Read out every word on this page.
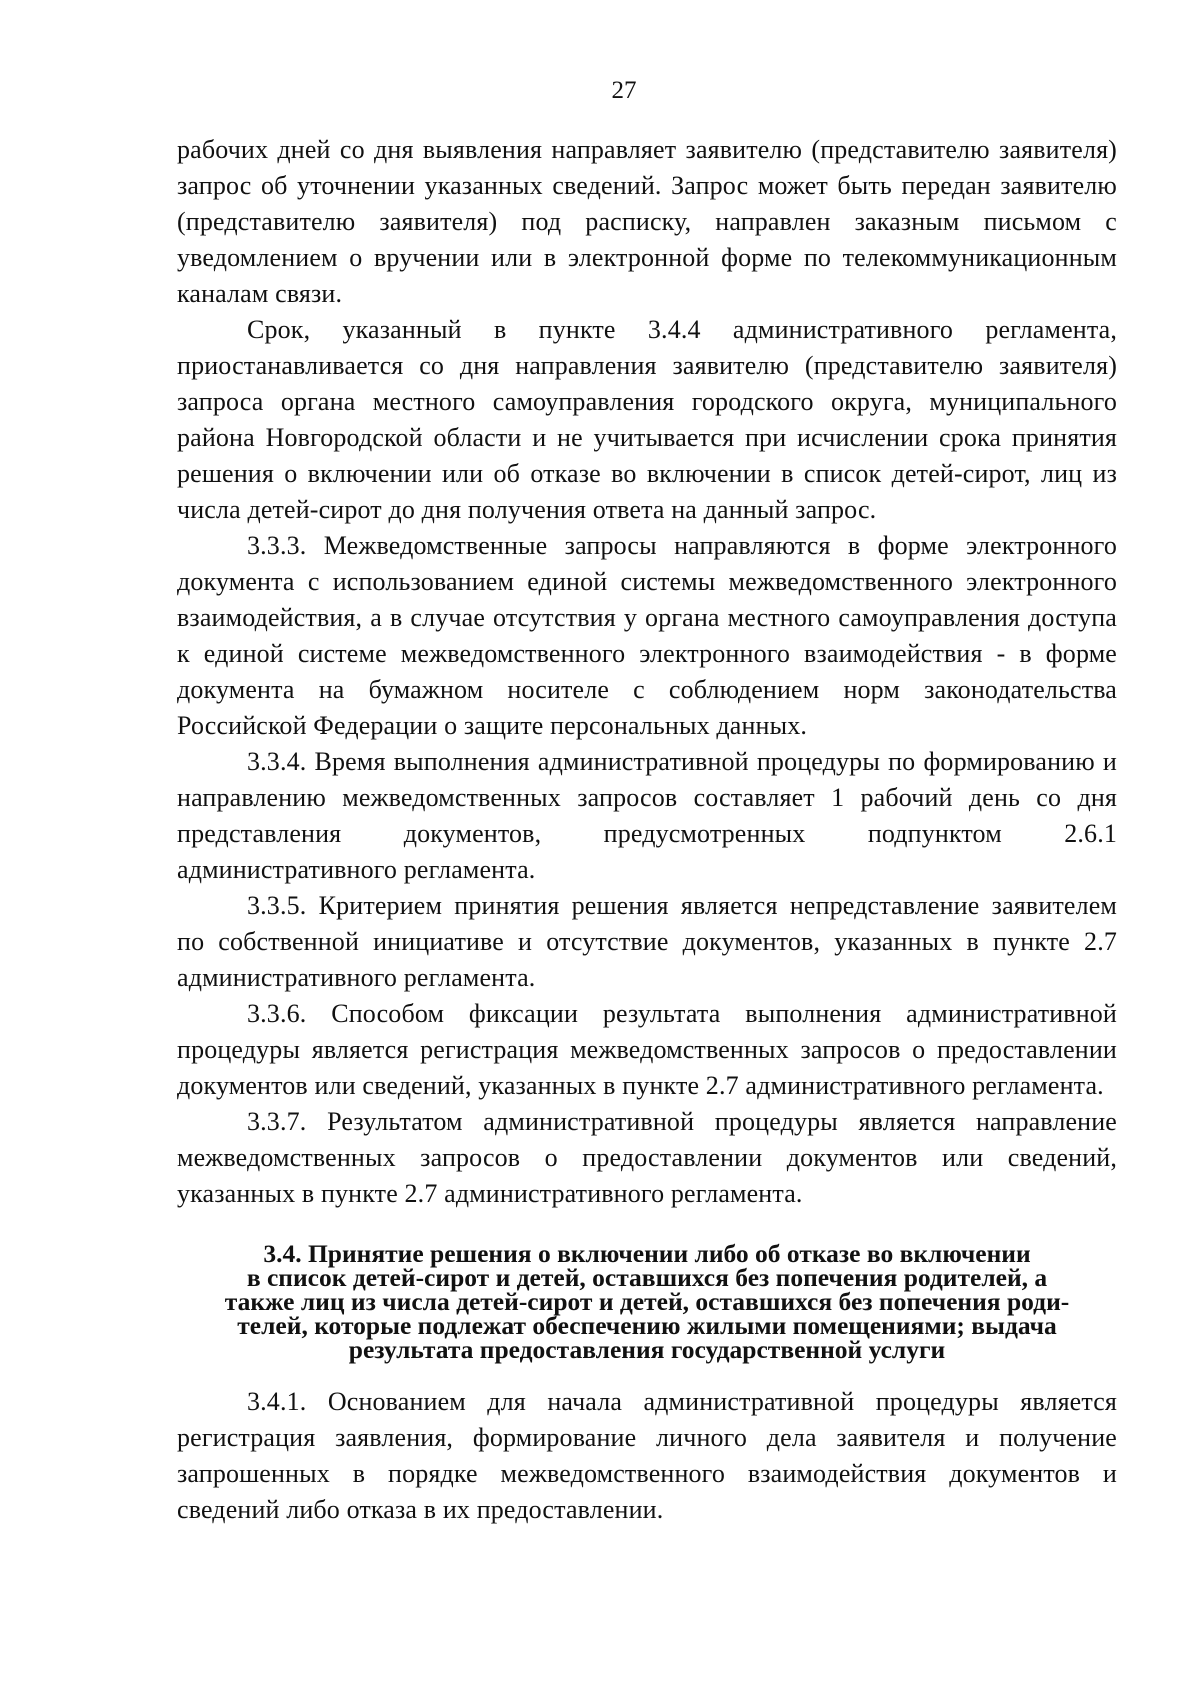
27

рабочих дней со дня выявления направляет заявителю (представителю заявителя) запрос об уточнении указанных сведений. Запрос может быть передан заявителю (представителю заявителя) под расписку, направлен заказным письмом с уведомлением о вручении или в электронной форме по телекоммуникационным каналам связи.

Срок, указанный в пункте 3.4.4 административного регламента, приостанавливается со дня направления заявителю (представителю заявителя) запроса органа местного самоуправления городского округа, муниципального района Новгородской области и не учитывается при исчислении срока принятия решения о включении или об отказе во включении в список детей-сирот, лиц из числа детей-сирот до дня получения ответа на данный запрос.

3.3.3. Межведомственные запросы направляются в форме электронного документа с использованием единой системы межведомственного электронного взаимодействия, а в случае отсутствия у органа местного самоуправления доступа к единой системе межведомственного электронного взаимодействия - в форме документа на бумажном носителе с соблюдением норм законодательства Российской Федерации о защите персональных данных.

3.3.4. Время выполнения административной процедуры по формированию и направлению межведомственных запросов составляет 1 рабочий день со дня представления документов, предусмотренных подпунктом 2.6.1 административного регламента.

3.3.5. Критерием принятия решения является непредставление заявителем по собственной инициативе и отсутствие документов, указанных в пункте 2.7 административного регламента.

3.3.6. Способом фиксации результата выполнения административной процедуры является регистрация межведомственных запросов о предоставлении документов или сведений, указанных в пункте 2.7 административного регламента.

3.3.7. Результатом административной процедуры является направление межведомственных запросов о предоставлении документов или сведений, указанных в пункте 2.7 административного регламента.

3.4. Принятие решения о включении либо об отказе во включении
в список детей-сирот и детей, оставшихся без попечения родителей, а
также лиц из числа детей-сирот и детей, оставшихся без попечения роди-
телей, которые подлежат обеспечению жилыми помещениями; выдача
результата предоставления государственной услуги

3.4.1. Основанием для начала административной процедуры является регистрация заявления, формирование личного дела заявителя и получение запрошенных в порядке межведомственного взаимодействия документов и сведений либо отказа в их предоставлении.
